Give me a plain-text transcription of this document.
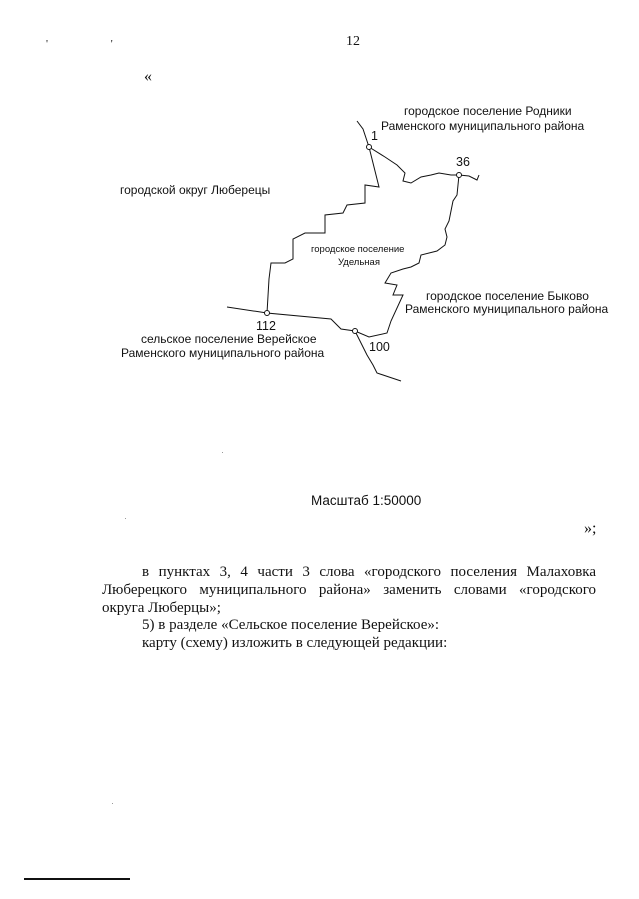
12
' '
«
городское поселение Родники
Раменского муниципального района
городской округ Люберецы
городское поселение
Удельная
городское поселение Быково
Раменского муниципального района
сельское поселение Верейское
Раменского муниципального района
1
36
112
100
Масштаб 1:50000
»;
в пунктах 3, 4 части 3 слова «городского поселения Малаховка Люберецкого муниципального района» заменить словами «городского округа Люберцы»;
5) в разделе «Сельское поселение Верейское»:
карту (схему) изложить в следующей редакции:
